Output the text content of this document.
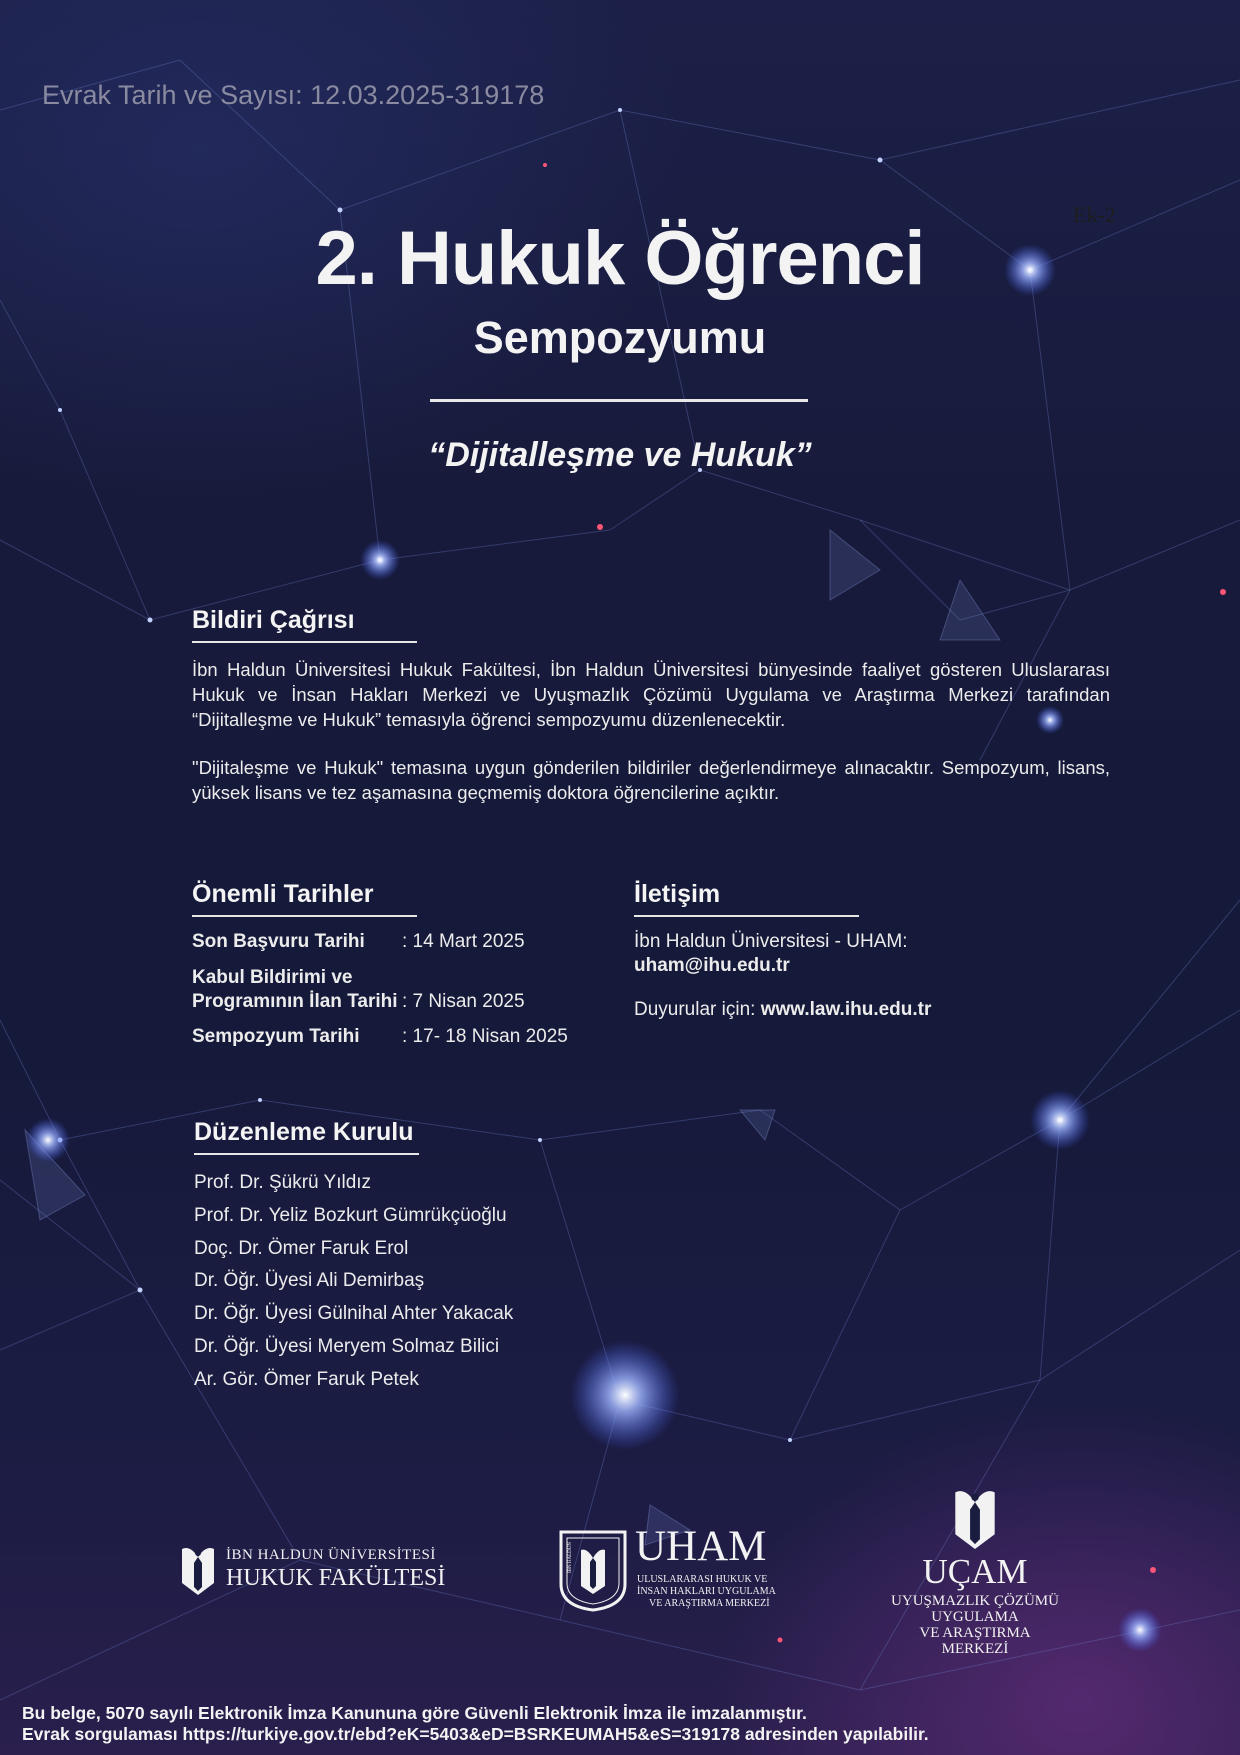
Evrak Tarih ve Sayısı: 12.03.2025-319178
Ek-2
2. Hukuk Öğrenci
Sempozyumu
“Dijitalleşme ve Hukuk”
Bildiri Çağrısı

İbn Haldun Üniversitesi Hukuk Fakültesi, İbn Haldun Üniversitesi bünyesinde faaliyet gösteren Uluslararası Hukuk ve İnsan Hakları Merkezi ve Uyuşmazlık Çözümü Uygulama ve Araştırma Merkezi tarafından “Dijitalleşme ve Hukuk” temasıyla öğrenci sempozyumu düzenlenecektir.

"Dijitaleşme ve Hukuk" temasına uygun gönderilen bildiriler değerlendirmeye alınacaktır. Sempozyum, lisans, yüksek lisans ve tez aşamasına geçmemiş doktora öğrencilerine açıktır.

Önemli Tarihler
Son Başvuru Tarihi : 14 Mart 2025
Kabul Bildirimi ve
Programının İlan Tarihi : 7 Nisan 2025
Sempozyum Tarihi : 17- 18 Nisan 2025
İletişim
İbn Haldun Üniversitesi - UHAM:
uham@ihu.edu.tr
Duyurular için: www.law.ihu.edu.tr
Düzenleme Kurulu
Prof. Dr. Şükrü Yıldız
Prof. Dr. Yeliz Bozkurt Gümrükçüoğlu
Doç. Dr. Ömer Faruk Erol
Dr. Öğr. Üyesi Ali Demirbaş
Dr. Öğr. Üyesi Gülnihal Ahter Yakacak
Dr. Öğr. Üyesi Meryem Solmaz Bilici
Ar. Gör. Ömer Faruk Petek
İBN HALDUN ÜNİVERSİTESİ
HUKUK FAKÜLTESİ
İBN HALDUN UHAM
ULUSLARARASI HUKUK VE
İNSAN HAKLARI UYGULAMA
VE ARAŞTIRMA MERKEZİ
UÇAM
UYUŞMAZLIK ÇÖZÜMÜ
UYGULAMA
VE ARAŞTIRMA
MERKEZİ
Bu belge, 5070 sayılı Elektronik İmza Kanununa göre Güvenli Elektronik İmza ile imzalanmıştır.
Evrak sorgulaması https://turkiye.gov.tr/ebd?eK=5403&eD=BSRKEUMAH5&eS=319178 adresinden yapılabilir.
